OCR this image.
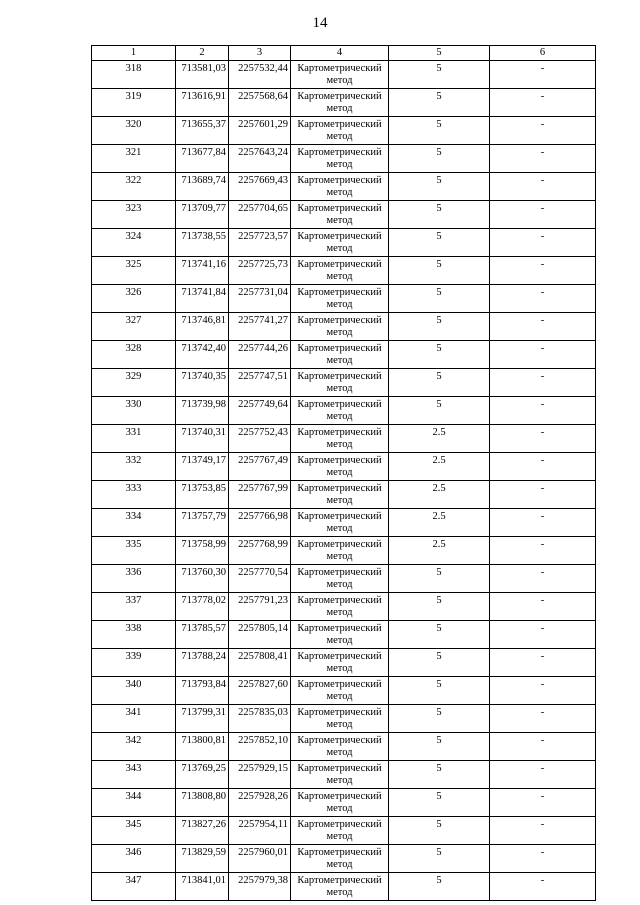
14
1	2	3	4	5	6
318	713581,03	2257532,44	Картометрический метод	5	-
319	713616,91	2257568,64	Картометрический метод	5	-
320	713655,37	2257601,29	Картометрический метод	5	-
321	713677,84	2257643,24	Картометрический метод	5	-
322	713689,74	2257669,43	Картометрический метод	5	-
323	713709,77	2257704,65	Картометрический метод	5	-
324	713738,55	2257723,57	Картометрический метод	5	-
325	713741,16	2257725,73	Картометрический метод	5	-
326	713741,84	2257731,04	Картометрический метод	5	-
327	713746,81	2257741,27	Картометрический метод	5	-
328	713742,40	2257744,26	Картометрический метод	5	-
329	713740,35	2257747,51	Картометрический метод	5	-
330	713739,98	2257749,64	Картометрический метод	5	-
331	713740,31	2257752,43	Картометрический метод	2.5	-
332	713749,17	2257767,49	Картометрический метод	2.5	-
333	713753,85	2257767,99	Картометрический метод	2.5	-
334	713757,79	2257766,98	Картометрический метод	2.5	-
335	713758,99	2257768,99	Картометрический метод	2.5	-
336	713760,30	2257770,54	Картометрический метод	5	-
337	713778,02	2257791,23	Картометрический метод	5	-
338	713785,57	2257805,14	Картометрический метод	5	-
339	713788,24	2257808,41	Картометрический метод	5	-
340	713793,84	2257827,60	Картометрический метод	5	-
341	713799,31	2257835,03	Картометрический метод	5	-
342	713800,81	2257852,10	Картометрический метод	5	-
343	713769,25	2257929,15	Картометрический метод	5	-
344	713808,80	2257928,26	Картометрический метод	5	-
345	713827,26	2257954,11	Картометрический метод	5	-
346	713829,59	2257960,01	Картометрический метод	5	-
347	713841,01	2257979,38	Картометрический метод	5	-
